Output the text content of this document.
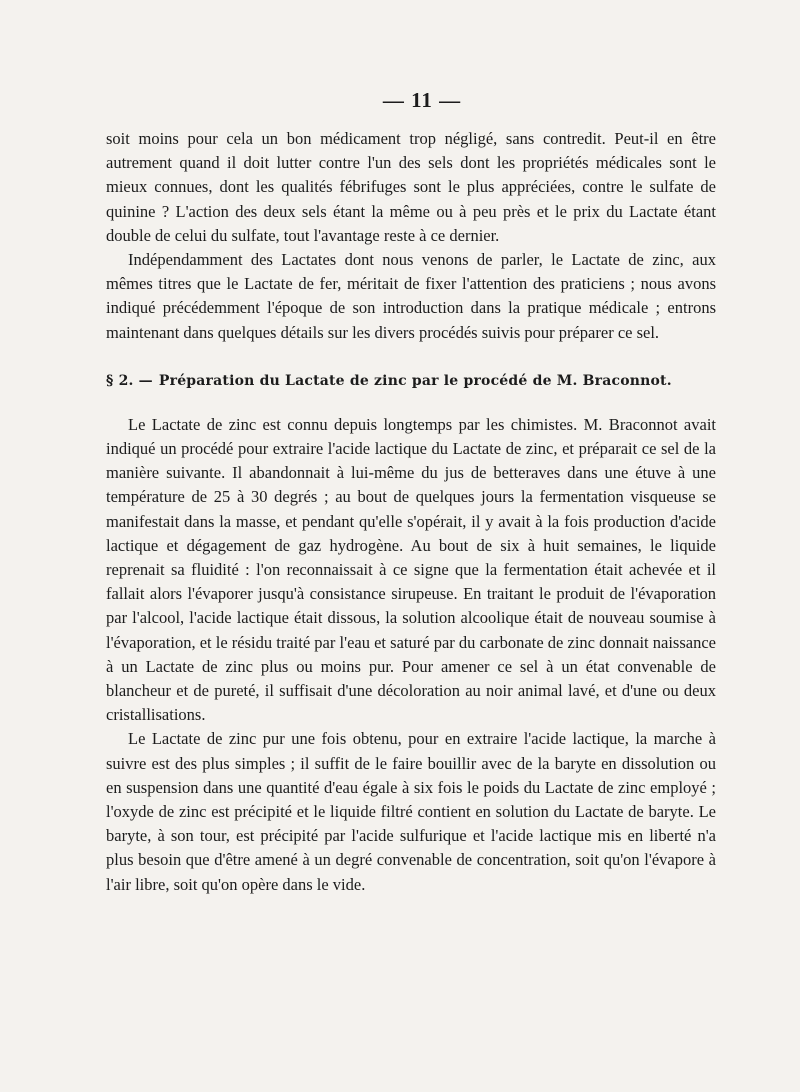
— 11 —

soit moins pour cela un bon médicament trop négligé, sans contredit. Peut-il en être autrement quand il doit lutter contre l'un des sels dont les propriétés médicales sont le mieux connues, dont les qualités fébrifuges sont le plus appréciées, contre le sulfate de quinine ? L'action des deux sels étant la même ou à peu près et le prix du Lactate étant double de celui du sulfate, tout l'avantage reste à ce dernier.

Indépendamment des Lactates dont nous venons de parler, le Lactate de zinc, aux mêmes titres que le Lactate de fer, méritait de fixer l'attention des praticiens ; nous avons indiqué précédemment l'époque de son introduction dans la pratique médicale ; entrons maintenant dans quelques détails sur les divers procédés suivis pour préparer ce sel.

§ 2. — Préparation du Lactate de zinc par le procédé de M. Braconnot.

Le Lactate de zinc est connu depuis longtemps par les chimistes. M. Braconnot avait indiqué un procédé pour extraire l'acide lactique du Lactate de zinc, et préparait ce sel de la manière suivante. Il abandonnait à lui-même du jus de betteraves dans une étuve à une température de 25 à 30 degrés ; au bout de quelques jours la fermentation visqueuse se manifestait dans la masse, et pendant qu'elle s'opérait, il y avait à la fois production d'acide lactique et dégagement de gaz hydrogène. Au bout de six à huit semaines, le liquide reprenait sa fluidité : l'on reconnaissait à ce signe que la fermentation était achevée et il fallait alors l'évaporer jusqu'à consistance sirupeuse. En traitant le produit de l'évaporation par l'alcool, l'acide lactique était dissous, la solution alcoolique était de nouveau soumise à l'évaporation, et le résidu traité par l'eau et saturé par du carbonate de zinc donnait naissance à un Lactate de zinc plus ou moins pur. Pour amener ce sel à un état convenable de blancheur et de pureté, il suffisait d'une décoloration au noir animal lavé, et d'une ou deux cristallisations.

Le Lactate de zinc pur une fois obtenu, pour en extraire l'acide lactique, la marche à suivre est des plus simples ; il suffit de le faire bouillir avec de la baryte en dissolution ou en suspension dans une quantité d'eau égale à six fois le poids du Lactate de zinc employé ; l'oxyde de zinc est précipité et le liquide filtré contient en solution du Lactate de baryte. Le baryte, à son tour, est précipité par l'acide sulfurique et l'acide lactique mis en liberté n'a plus besoin que d'être amené à un degré convenable de concentration, soit qu'on l'évapore à l'air libre, soit qu'on opère dans le vide.
